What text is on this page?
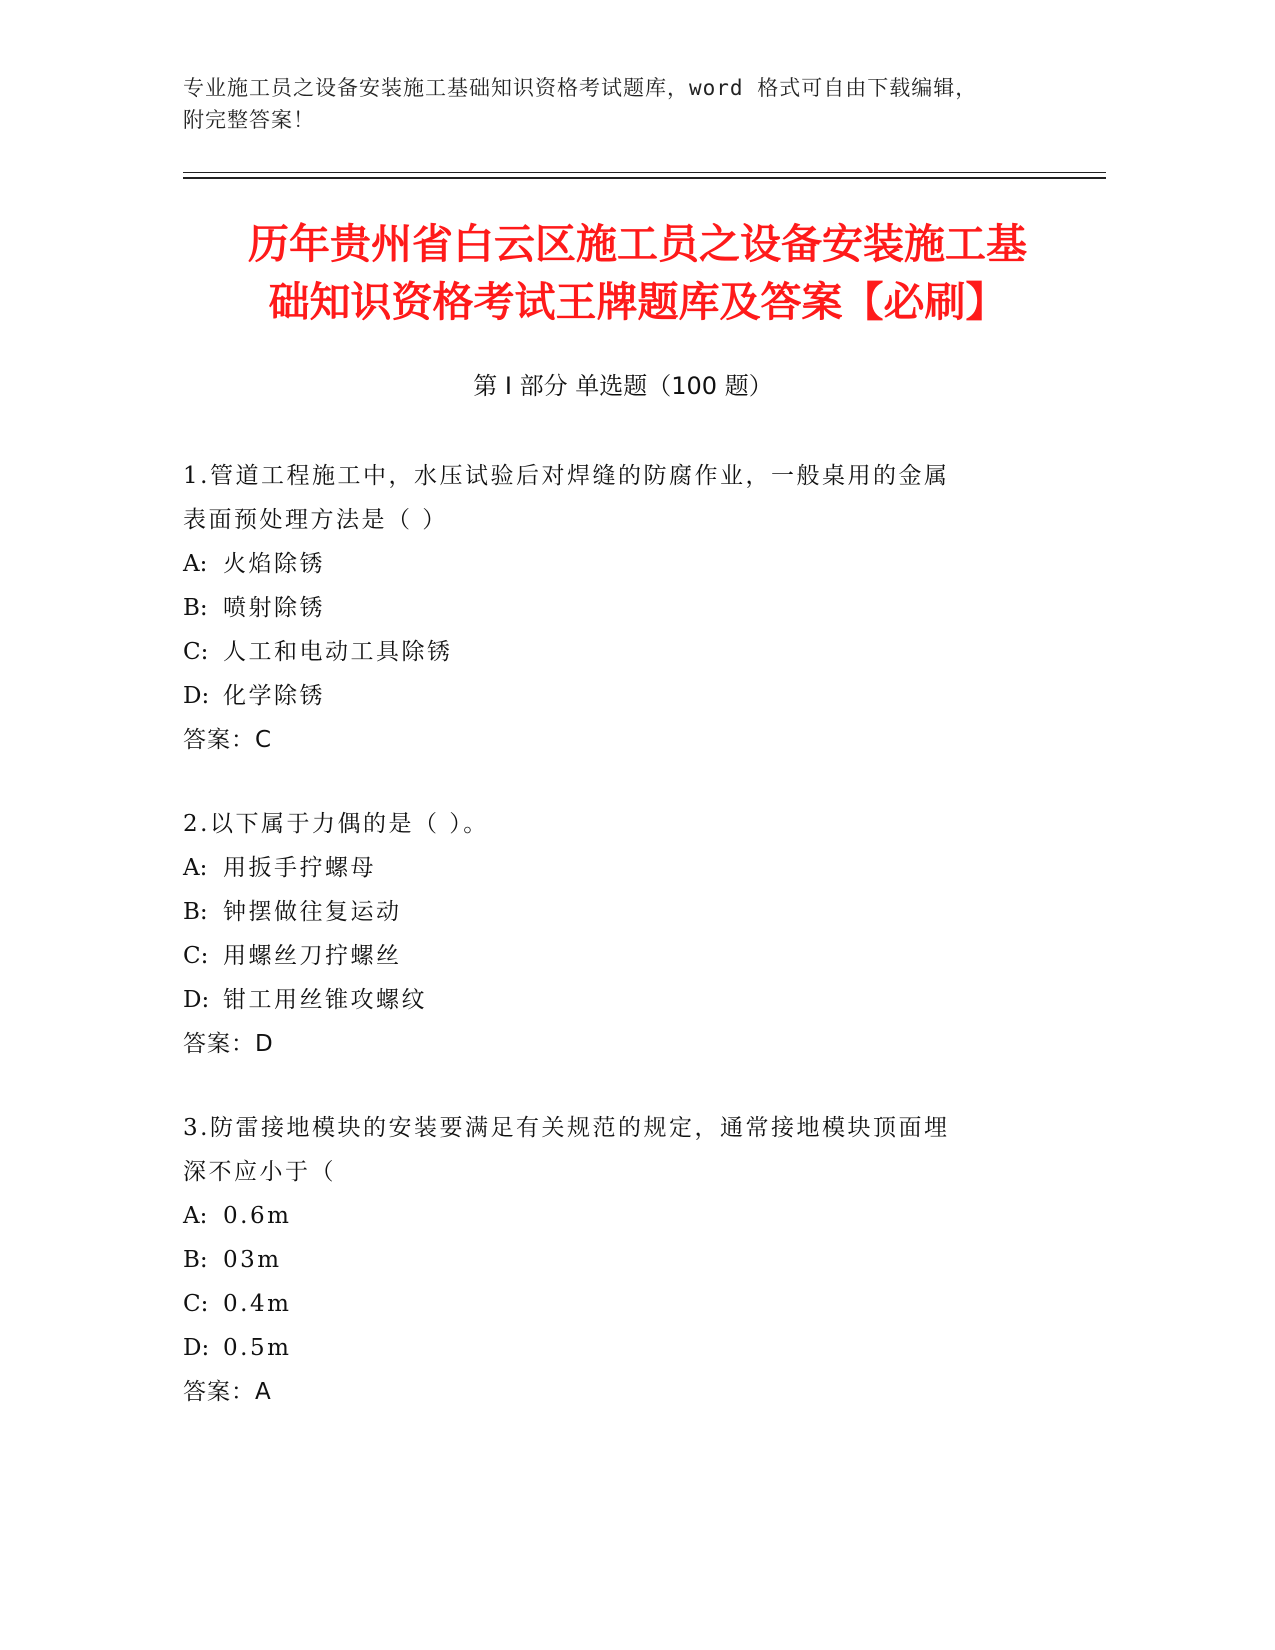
专业施工员之设备安装施工基础知识资格考试题库，word 格式可自由下载编辑，
附完整答案！
历年贵州省白云区施工员之设备安装施工基
础知识资格考试王牌题库及答案【必刷】
第 I 部分 单选题（100 题）
1.管道工程施工中，水压试验后对焊缝的防腐作业，一般桌用的金属
表面预处理方法是（ ）
A: 火焰除锈
B: 喷射除锈
C: 人工和电动工具除锈
D: 化学除锈
答案：C
2.以下属于力偶的是（ ）。
A: 用扳手拧螺母
B: 钟摆做往复运动
C: 用螺丝刀拧螺丝
D: 钳工用丝锥攻螺纹
答案：D
3.防雷接地模块的安装要满足有关规范的规定，通常接地模块顶面埋
深不应小于（
A: 0.6m
B: 03m
C: 0.4m
D: 0.5m
答案：A
